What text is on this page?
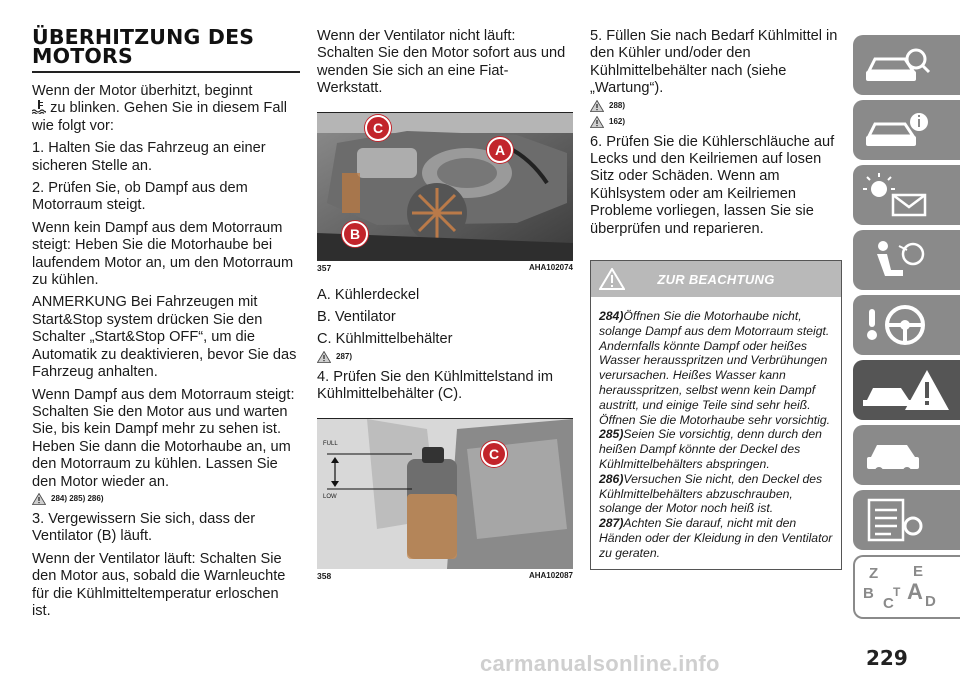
ÜBERHITZUNG DES
MOTORS

Wenn der Motor überhitzt, beginnt
zu blinken. Gehen Sie in diesem Fall wie folgt vor:

1. Halten Sie das Fahrzeug an einer sicheren Stelle an.

2. Prüfen Sie, ob Dampf aus dem Motorraum steigt.

Wenn kein Dampf aus dem Motorraum steigt: Heben Sie die Motorhaube bei laufendem Motor an, um den Motorraum zu kühlen.

ANMERKUNG Bei Fahrzeugen mit Start&Stop system drücken Sie den Schalter „Start&Stop OFF“, um die Automatik zu deaktivieren, bevor Sie das Fahrzeug anhalten.

Wenn Dampf aus dem Motorraum steigt: Schalten Sie den Motor aus und warten Sie, bis kein Dampf mehr zu sehen ist. Heben Sie dann die Motorhaube an, um den Motorraum zu kühlen. Lassen Sie den Motor wieder an.

284) 285) 286)

3. Vergewissern Sie sich, dass der Ventilator (B) läuft.

Wenn der Ventilator läuft: Schalten Sie den Motor aus, sobald die Warnleuchte für die Kühlmitteltemperatur erloschen ist.

Wenn der Ventilator nicht läuft: Schalten Sie den Motor sofort aus und wenden Sie sich an eine Fiat-Werkstatt.

C
A
B
357	AHA102074

A. Kühlerdeckel

B. Ventilator

C. Kühlmittelbehälter

287)

4. Prüfen Sie den Kühlmittelstand im Kühlmittelbehälter (C).

FULL
LOW
C
358	AHA102087

5. Füllen Sie nach Bedarf Kühlmittel in den Kühler und/oder den Kühlmittelbehälter nach (siehe „Wartung“).

288)
162)

6. Prüfen Sie die Kühlerschläuche auf Lecks und den Keilriemen auf losen Sitz oder Schäden. Wenn am Kühlsystem oder am Keilriemen Probleme vorliegen, lassen Sie sie überprüfen und reparieren.

ZUR BEACHTUNG
284)Öffnen Sie die Motorhaube nicht, solange Dampf aus dem Motorraum steigt. Andernfalls könnte Dampf oder heißes Wasser herausspritzen und Verbrühungen verursachen. Heißes Wasser kann herausspritzen, selbst wenn kein Dampf austritt, und einige Teile sind sehr heiß. Öffnen Sie die Motorhaube sehr vorsichtig.
285)Seien Sie vorsichtig, denn durch den heißen Dampf könnte der Deckel des Kühlmittelbehälters abspringen.
286)Versuchen Sie nicht, den Deckel des Kühlmittelbehälters abzuschrauben, solange der Motor noch heiß ist.
287)Achten Sie darauf, nicht mit den Händen oder der Kleidung in den Ventilator zu geraten.
Z E
A
B
C
T
D
carmanualsonline.info	229
